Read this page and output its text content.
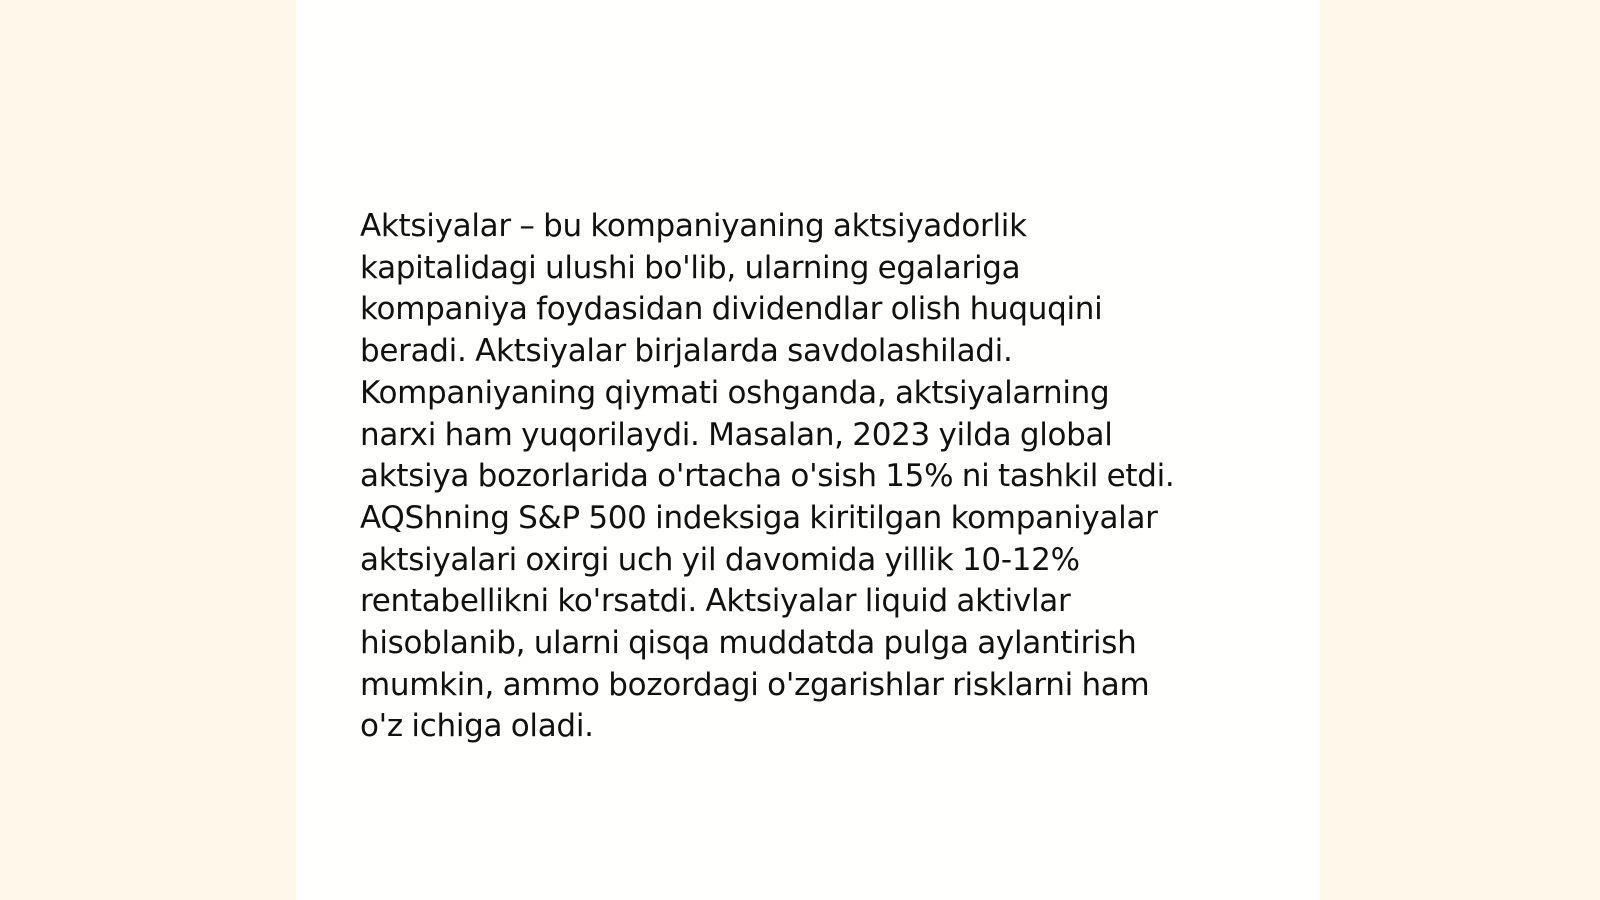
Aktsiyalar – bu kompaniyaning aktsiyadorlik
kapitalidagi ulushi bo'lib, ularning egalariga
kompaniya foydasidan dividendlar olish huquqini
beradi. Aktsiyalar birjalarda savdolashiladi.
Kompaniyaning qiymati oshganda, aktsiyalarning
narxi ham yuqorilaydi. Masalan, 2023 yilda global
aktsiya bozorlarida o'rtacha o'sish 15% ni tashkil etdi.
AQShning S&P 500 indeksiga kiritilgan kompaniyalar
aktsiyalari oxirgi uch yil davomida yillik 10-12%
rentabellikni ko'rsatdi. Aktsiyalar liquid aktivlar
hisoblanib, ularni qisqa muddatda pulga aylantirish
mumkin, ammo bozordagi o'zgarishlar risklarni ham
o'z ichiga oladi.
